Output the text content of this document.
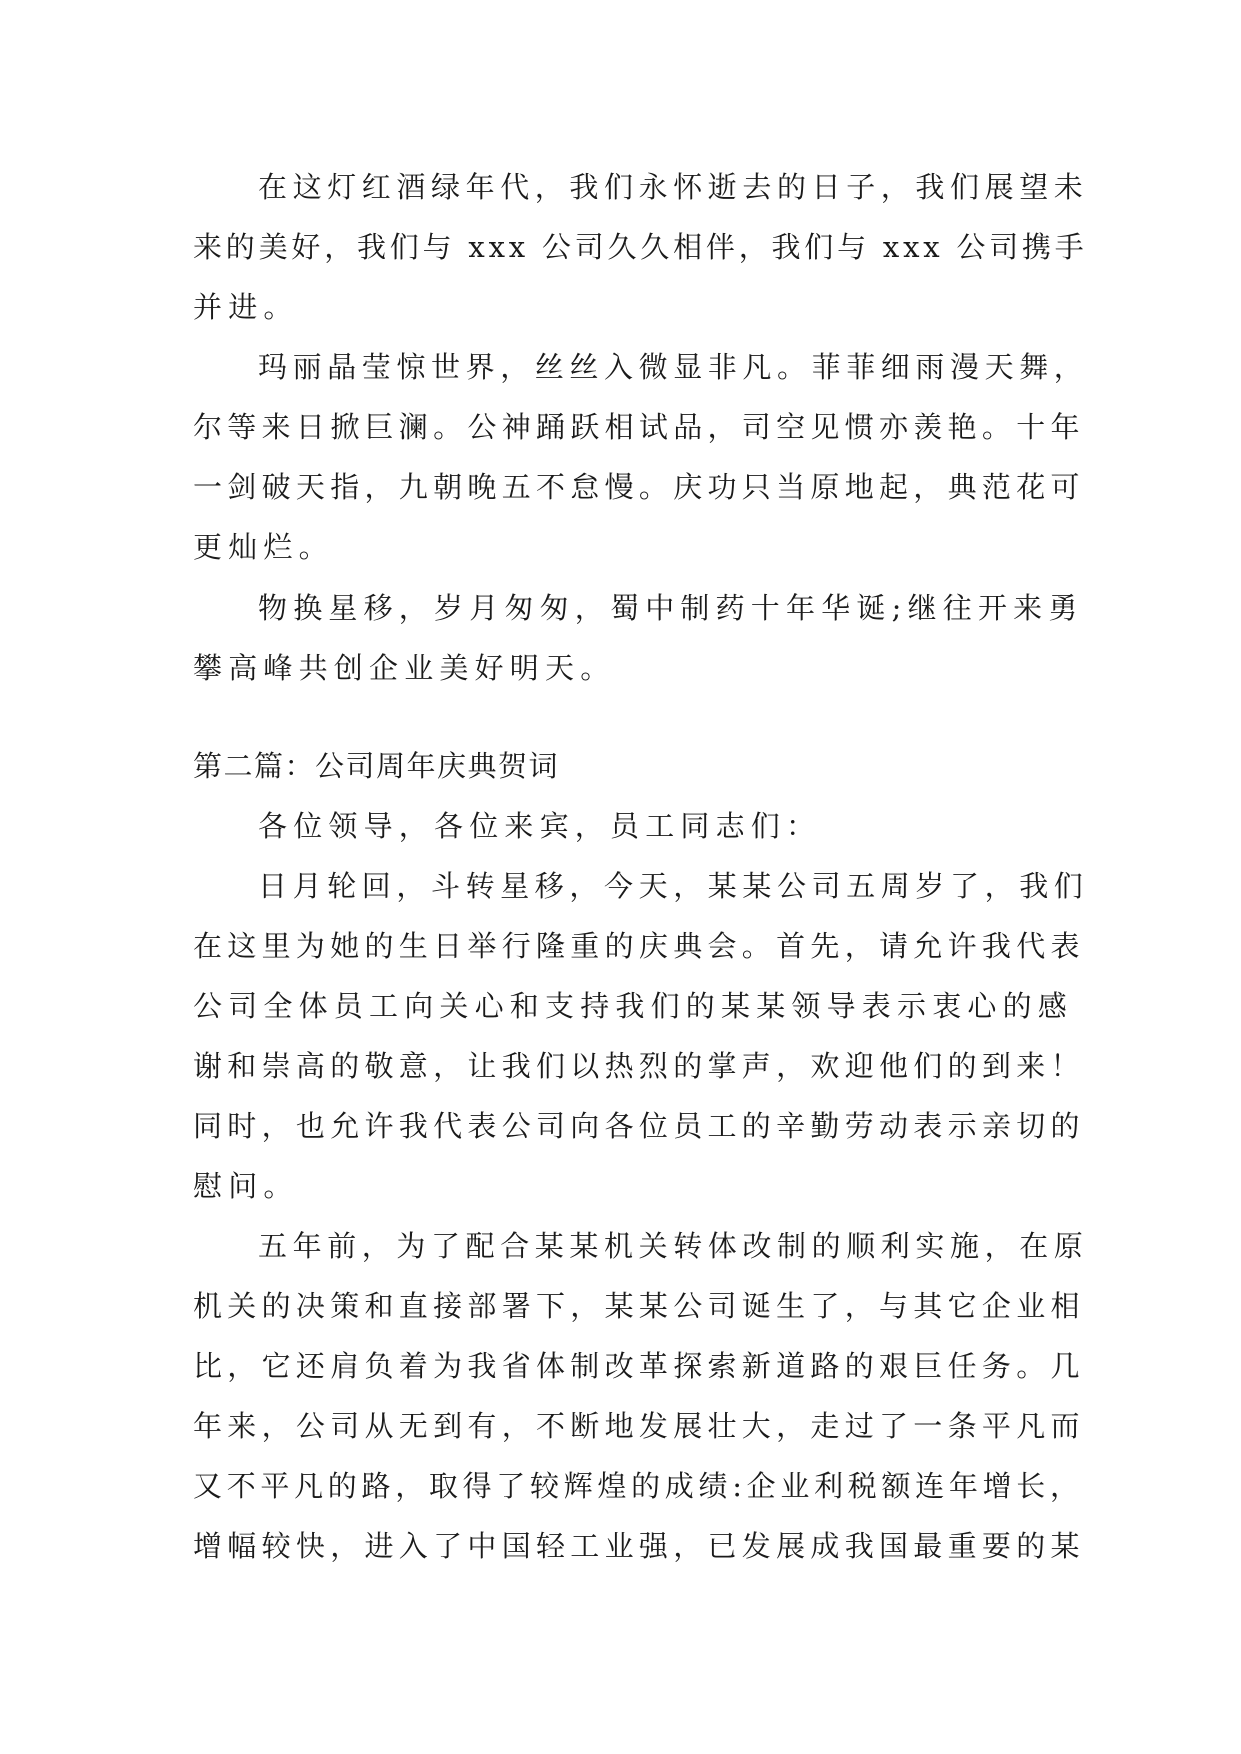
在这灯红酒绿年代，我们永怀逝去的日子，我们展望未

来的美好，我们与 xxx 公司久久相伴，我们与 xxx 公司携手

并进。

玛丽晶莹惊世界，丝丝入微显非凡。菲菲细雨漫天舞，

尔等来日掀巨澜。公神踊跃相试品，司空见惯亦羡艳。十年

一剑破天指，九朝晚五不怠慢。庆功只当原地起，典范花可

更灿烂。

物换星移，岁月匆匆，蜀中制药十年华诞;继往开来勇

攀高峰共创企业美好明天。

第二篇：公司周年庆典贺词

各位领导，各位来宾，员工同志们：

日月轮回，斗转星移，今天，某某公司五周岁了，我们

在这里为她的生日举行隆重的庆典会。首先，请允许我代表

公司全体员工向关心和支持我们的某某领导表示衷心的感

谢和崇高的敬意，让我们以热烈的掌声，欢迎他们的到来！

同时，也允许我代表公司向各位员工的辛勤劳动表示亲切的

慰问。

五年前，为了配合某某机关转体改制的顺利实施，在原

机关的决策和直接部署下，某某公司诞生了，与其它企业相

比，它还肩负着为我省体制改革探索新道路的艰巨任务。几

年来，公司从无到有，不断地发展壮大，走过了一条平凡而

又不平凡的路，取得了较辉煌的成绩:企业利税额连年增长，

增幅较快，进入了中国轻工业强，已发展成我国最重要的某
